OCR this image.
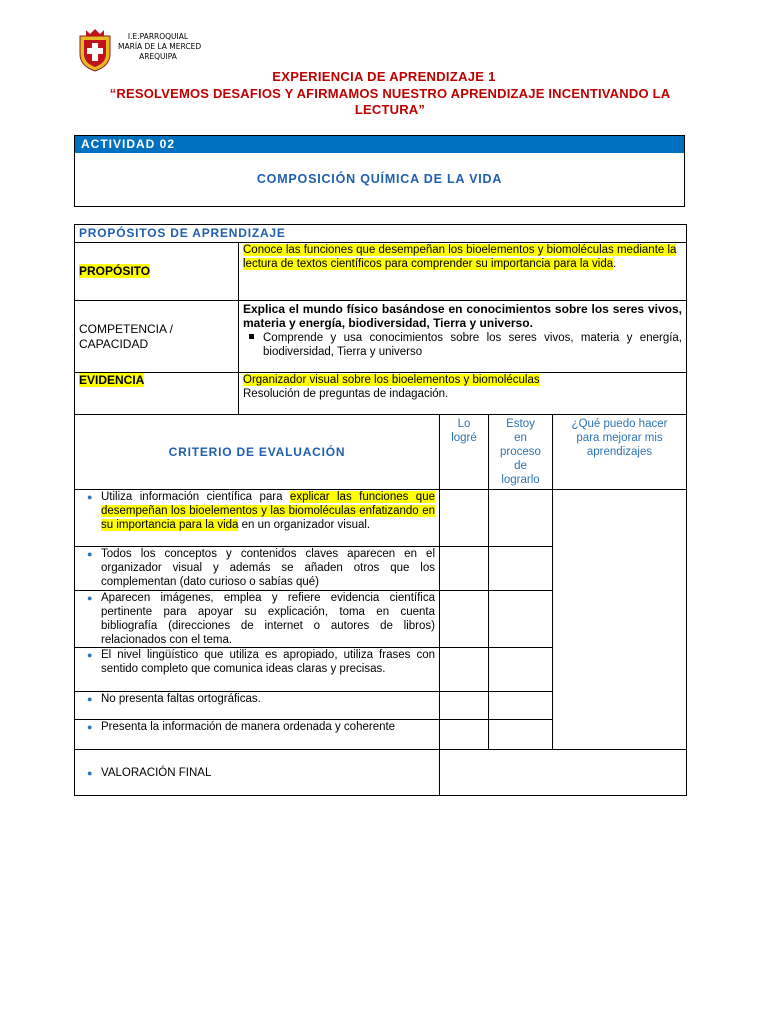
I.E.PARROQUIAL
MARÍA DE LA MERCED
AREQUIPA
EXPERIENCIA DE APRENDIZAJE 1
“RESOLVEMOS DESAFIOS Y AFIRMAMOS NUESTRO APRENDIZAJE INCENTIVANDO LA LECTURA”
ACTIVIDAD 02
COMPOSICIÓN QUÍMICA DE LA VIDA
PROPÓSITOS DE APRENDIZAJE				
PROPÓSITO	Conoce las funciones que desempeñan los bioelementos y biomoléculas mediante la lectura de textos científicos para comprender su importancia para la vida.			
COMPETENCIA / CAPACIDAD	Explica el mundo físico basándose en conocimientos sobre los seres vivos, materia y energía, biodiversidad, Tierra y universo.
Comprende y usa conocimientos sobre los seres vivos, materia y energía, biodiversidad, Tierra y universo			

EVIDENCIA	Organizador visual sobre los bioelementos y biomoléculas
Resolución de preguntas de indagación.			
CRITERIO DE EVALUACIÓN		Lo logré	Estoy en proceso de lograrlo	¿Qué puedo hacer para mejorar mis aprendizajes

● Utiliza información científica para explicar las funciones que desempeñan los bioelementos y las biomoléculas enfatizando en su importancia para la vida en un organizador visual.				

● Todos los conceptos y contenidos claves aparecen en el organizador visual y además se añaden otros que los complementan (dato curioso o sabías qué)				

● Aparecen imágenes, emplea y refiere evidencia científica pertinente para apoyar su explicación, toma en cuenta bibliografía (direcciones de internet o autores de libros) relacionados con el tema.				

● El nivel lingüístico que utiliza es apropiado, utiliza frases con sentido completo que comunica ideas claras y precisas.				

● No presenta faltas ortográficas.				

● Presenta la información de manera ordenada y coherente				

● VALORACIÓN FINAL				
